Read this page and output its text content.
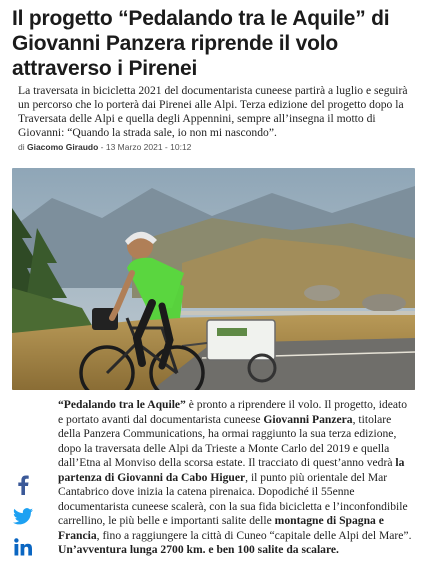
Il progetto “Pedalando tra le Aquile” di Giovanni Panzera riprende il volo attraverso i Pirenei

La traversata in bicicletta 2021 del documentarista cuneese partirà a luglio e seguirà un percorso che lo porterà dai Pirenei alle Alpi. Terza edizione del progetto dopo la Traversata delle Alpi e quella degli Appennini, sempre all’insegna il motto di Giovanni: “Quando la strada sale, io non mi nascondo”.

di Giacomo Giraudo - 13 Marzo 2021 - 10:12
“Pedalando tra le Aquile” è pronto a riprendere il volo. Il progetto, ideato e portato avanti dal documentarista cuneese Giovanni Panzera, titolare della Panzera Communications, ha ormai raggiunto la sua terza edizione, dopo la traversata delle Alpi da Trieste a Monte Carlo del 2019 e quella dall’Etna al Monviso della scorsa estate. Il tracciato di quest’anno vedrà la partenza di Giovanni da Cabo Higuer, il punto più orientale del Mar Cantabrico dove inizia la catena pirenaica. Dopodiché il 55enne documentarista cuneese scalerà, con la sua fida bicicletta e l’inconfondibile carrellino, le più belle e importanti salite delle montagne di Spagna e Francia, fino a raggiungere la città di Cuneo “capitale delle Alpi del Mare”. Un’avventura lunga 2700 km. e ben 100 salite da scalare.
